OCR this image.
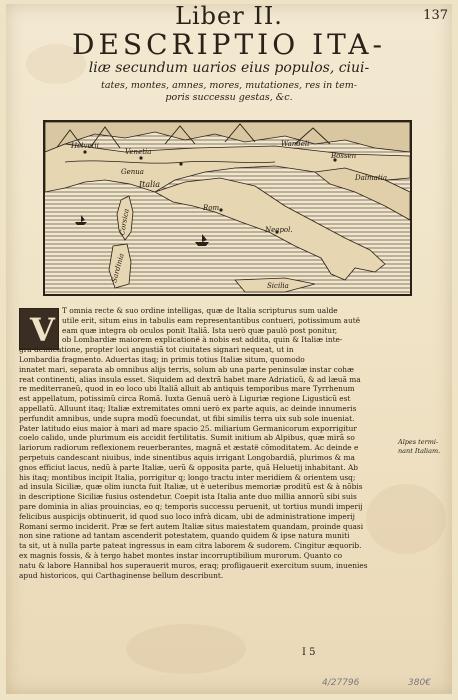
Liber II.	137
DESCRIPTIO ITA-
liæ secundum uarios eius populos, ciui-
tates, montes, amnes, mores, mutationes, res in tem-
poris successu gestas, &c.
Helvetii
Venetia
Genua
Italia
Rom
Neapol.
Corsica
Sardinia
Sicilia
Wandeli
Bossen
Dalmatia
V
T omnia recte & suo ordine intelligas, quæ de Italia scripturus sum ualde
utile erit, situm eius in tabulis eam representantibus contueri, potissimum autë
eam quæ integra ob oculos ponit Italiã. Ista uerò quæ paulò post ponitur,
ob Lombardiæ maiorem explicationë à nobis est addita, quin & Italiæ inte-
gra delineatione, propter loci angustiã tot ciuitates signari nequeat, ut in
Lombardia fragmento. Aduertas itaq; in primis totius Italiæ situm, quomodo
innatet mari, separata ab omnibus alijs terris, solum ab una parte peninsulæ instar cohæ
reat continenti, alias insula esset. Siquidem ad dextrã habet mare Adriaticũ, & ad læuã ma
re mediterraneũ, quod in eo loco ubi Italiã alluit ab antiquis temporibus mare Tyrrhenum
est appellatum, potissimũ circa Romã. Iuxta Genuã uerò à Liguriæ regione Ligusticũ est
appellatũ. Alluunt itaq; Italiæ extremitates omni uerò ex parte aquis, ac deinde innumeris
perfundit amnibus, unde supra modũ foecundat, ut fibi similis terra uix sub sole inueniat.
Pater latitudo eius maior à mari ad mare spacio 25. miliarium Germanicorum exporrigitur
coelo calido, unde plurimum eis accidit fertilitatis. Sumit initium ab Alpibus, quæ mirã so
lariorum radiorum reflexionem reuerberantes, magnã et æstatë cõmoditatem. Ac deinde e
perpetuis candescant niuibus, inde sinentibus aquis irrigant Longobardiã, plurimos & ma
gnos efficiut lacus, nedũ à parte Italiæ, uerũ & opposita parte, quã Heluetij inhabitant. Ab
his itaq; montibus incipit Italia, porrigitur q; longo tractu inter meridiem & orientem usq;
ad insula Siciliæ, quæ olim iuncta fuit Italiæ, ut è ueteribus memoriæ proditũ est & à nõbis
in descriptione Siciliæ fusius ostendetur. Coepit ista Italia ante duo millia annorũ sibi suis
pare dominia in alias prouincias, eo q; temporis successu peruenit, ut tortius mundi imperij
felicibus auspicijs obtinuerit, id quod suo loco infrà dicam, ubi de administratione imperij
Romani sermo inciderit. Præ se fert autem Italiæ situs maiestatem quandam, proinde quasi
non sine ratione ad tantam ascenderit potestatem, quando quidem & ipse natura muniti
ta sit, ut à nulla parte pateat ingressus in eam citra laborem & sudorem. Cingitur æquorib.
ex magnis fossis, & à tergo habet montes instar incorruptibilium murorum. Quanto co
natu & labore Hannibal hos superauerit muros, eraq; profligauerit exercitum suum, inuenies
apud historicos, qui Carthaginense bellum describunt.
Alpes termi-
nant Italiam.
I 5
4/27796	380€
